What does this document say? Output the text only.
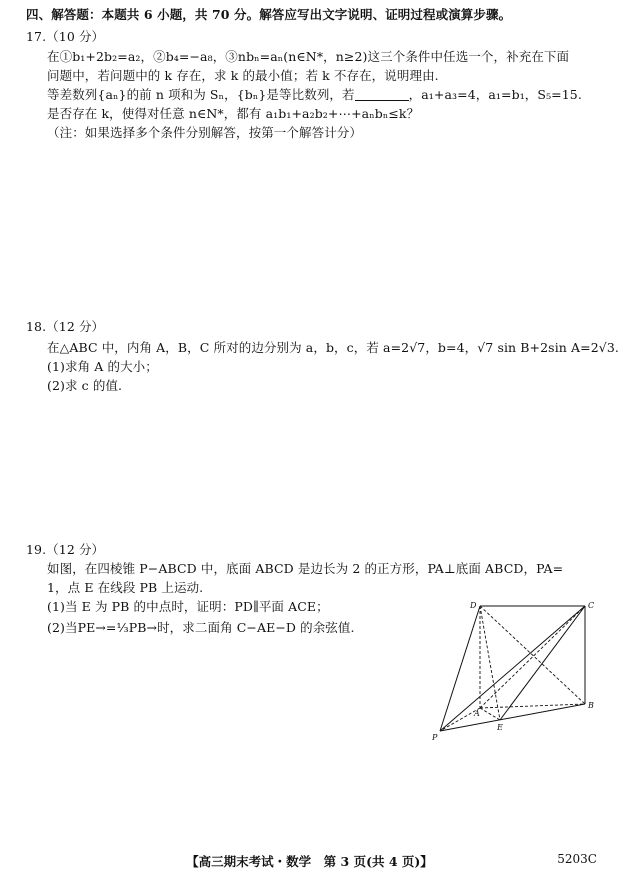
四、解答题：本题共 6 小题，共 70 分。解答应写出文字说明、证明过程或演算步骤。
17.（10 分）
在①b₁+2b₂=a₂，②b₄=−a₈，③nbₙ=aₙ(n∈N*，n≥2)这三个条件中任选一个，补充在下面
问题中，若问题中的 k 存在，求 k 的最小值；若 k 不存在，说明理由.
等差数列{aₙ}的前 n 项和为 Sₙ，{bₙ}是等比数列，若	，a₁+a₃=4，a₁=b₁，S₅=15.
是否存在 k，使得对任意 n∈N*，都有 a₁b₁+a₂b₂+⋯+aₙbₙ≤k？
（注：如果选择多个条件分别解答，按第一个解答计分）
18.（12 分）
在△ABC 中，内角 A，B，C 所对的边分别为 a，b，c，若 a=2√7，b=4，√7 sin B+2sin A=2√3.
(1)求角 A 的大小；
(2)求 c 的值.
19.（12 分）
如图，在四棱锥 P−ABCD 中，底面 ABCD 是边长为 2 的正方形，PA⊥底面 ABCD，PA=
1，点 E 在线段 PB 上运动.
(1)当 E 为 PB 的中点时，证明：PD∥平面 ACE；
(2)当PE→=⅓PB→时，求二面角 C−AE−D 的余弦值.
D	C
A
B
P
E
【高三期末考试・数学　第 3 页(共 4 页)】	5203C
